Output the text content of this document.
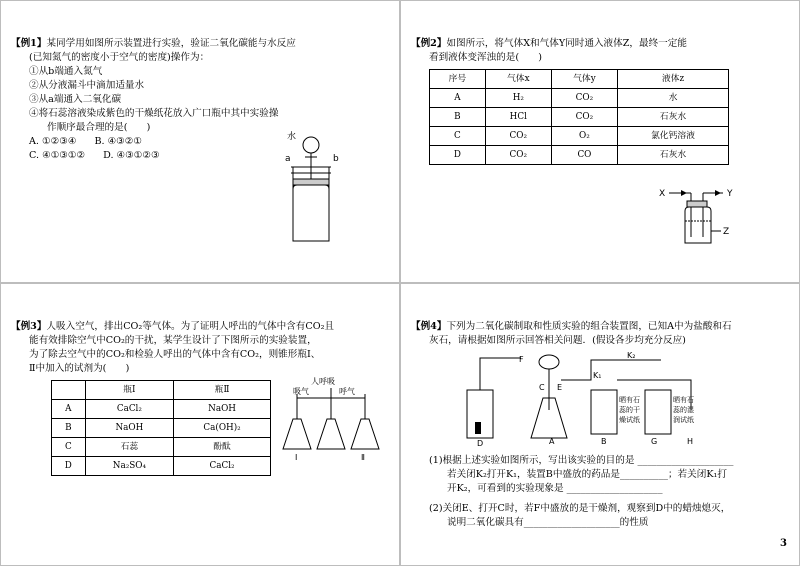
【例1】某同学用如图所示装置进行实验，验证二氧化碳能与水反应
(已知氮气的密度小于空气的密度)操作为：
①从b端通入氮气
②从分液漏斗中滴加适量水
③从a端通入二氧化碳
④将石蕊溶液染成紫色的干燥纸花放入广口瓶中其中实验操
作顺序最合理的是(　　)
A. ①②③④ B. ④③②①
C. ④①③①② D. ④③①②③
水
a	b
【例2】如图所示，将气体X和气体Y同时通入液体Z，最终一定能
看到液体变浑浊的是(　　)
序号	气体x	气体y	液体z
A	H₂	CO₂	水
B	HCl	CO₂	石灰水
C	CO₂	O₂	氯化钙溶液
D	CO₂	CO	石灰水
X	Y
Z
【例3】人吸入空气，排出CO₂等气体。为了证明人呼出的气体中含有CO₂且
能有效排除空气中CO₂的干扰，某学生设计了下图所示的实验装置，
为了除去空气中的CO₂和检验人呼出的气体中含有CO₂，则锥形瓶Ⅰ、
Ⅱ中加入的试剂为(　　)
	瓶Ⅰ	瓶Ⅱ
A	CaCl₂	NaOH
B	NaOH	Ca(OH)₂
C	石蕊	酚酞
D	Na₂SO₄	CaCl₂
人呼吸
吸气	呼气
Ⅰ	Ⅱ
【例4】下列为二氧化碳制取和性质实验的组合装置图，已知A中为盐酸和石
灰石，请根据如图所示回答相关问题．(假设各步均充分反应)
C E
A
F
K₁
K₂
D	B	G	H
晒有石
蕊的干
燥试纸
晒有石
蕊的湿
润试纸
(1)根据上述实验如图所示，写出该实验的目的是 ____________________
若关闭K₂打开K₁，装置B中盛放的药品是__________；若关闭K₁打
开K₂，可看到的实验现象是 ____________________
(2)关闭E、打开C时，若F中盛放的是干燥剂，观察到D中的蜡烛熄灭，
说明二氧化碳具有____________________的性质
3
